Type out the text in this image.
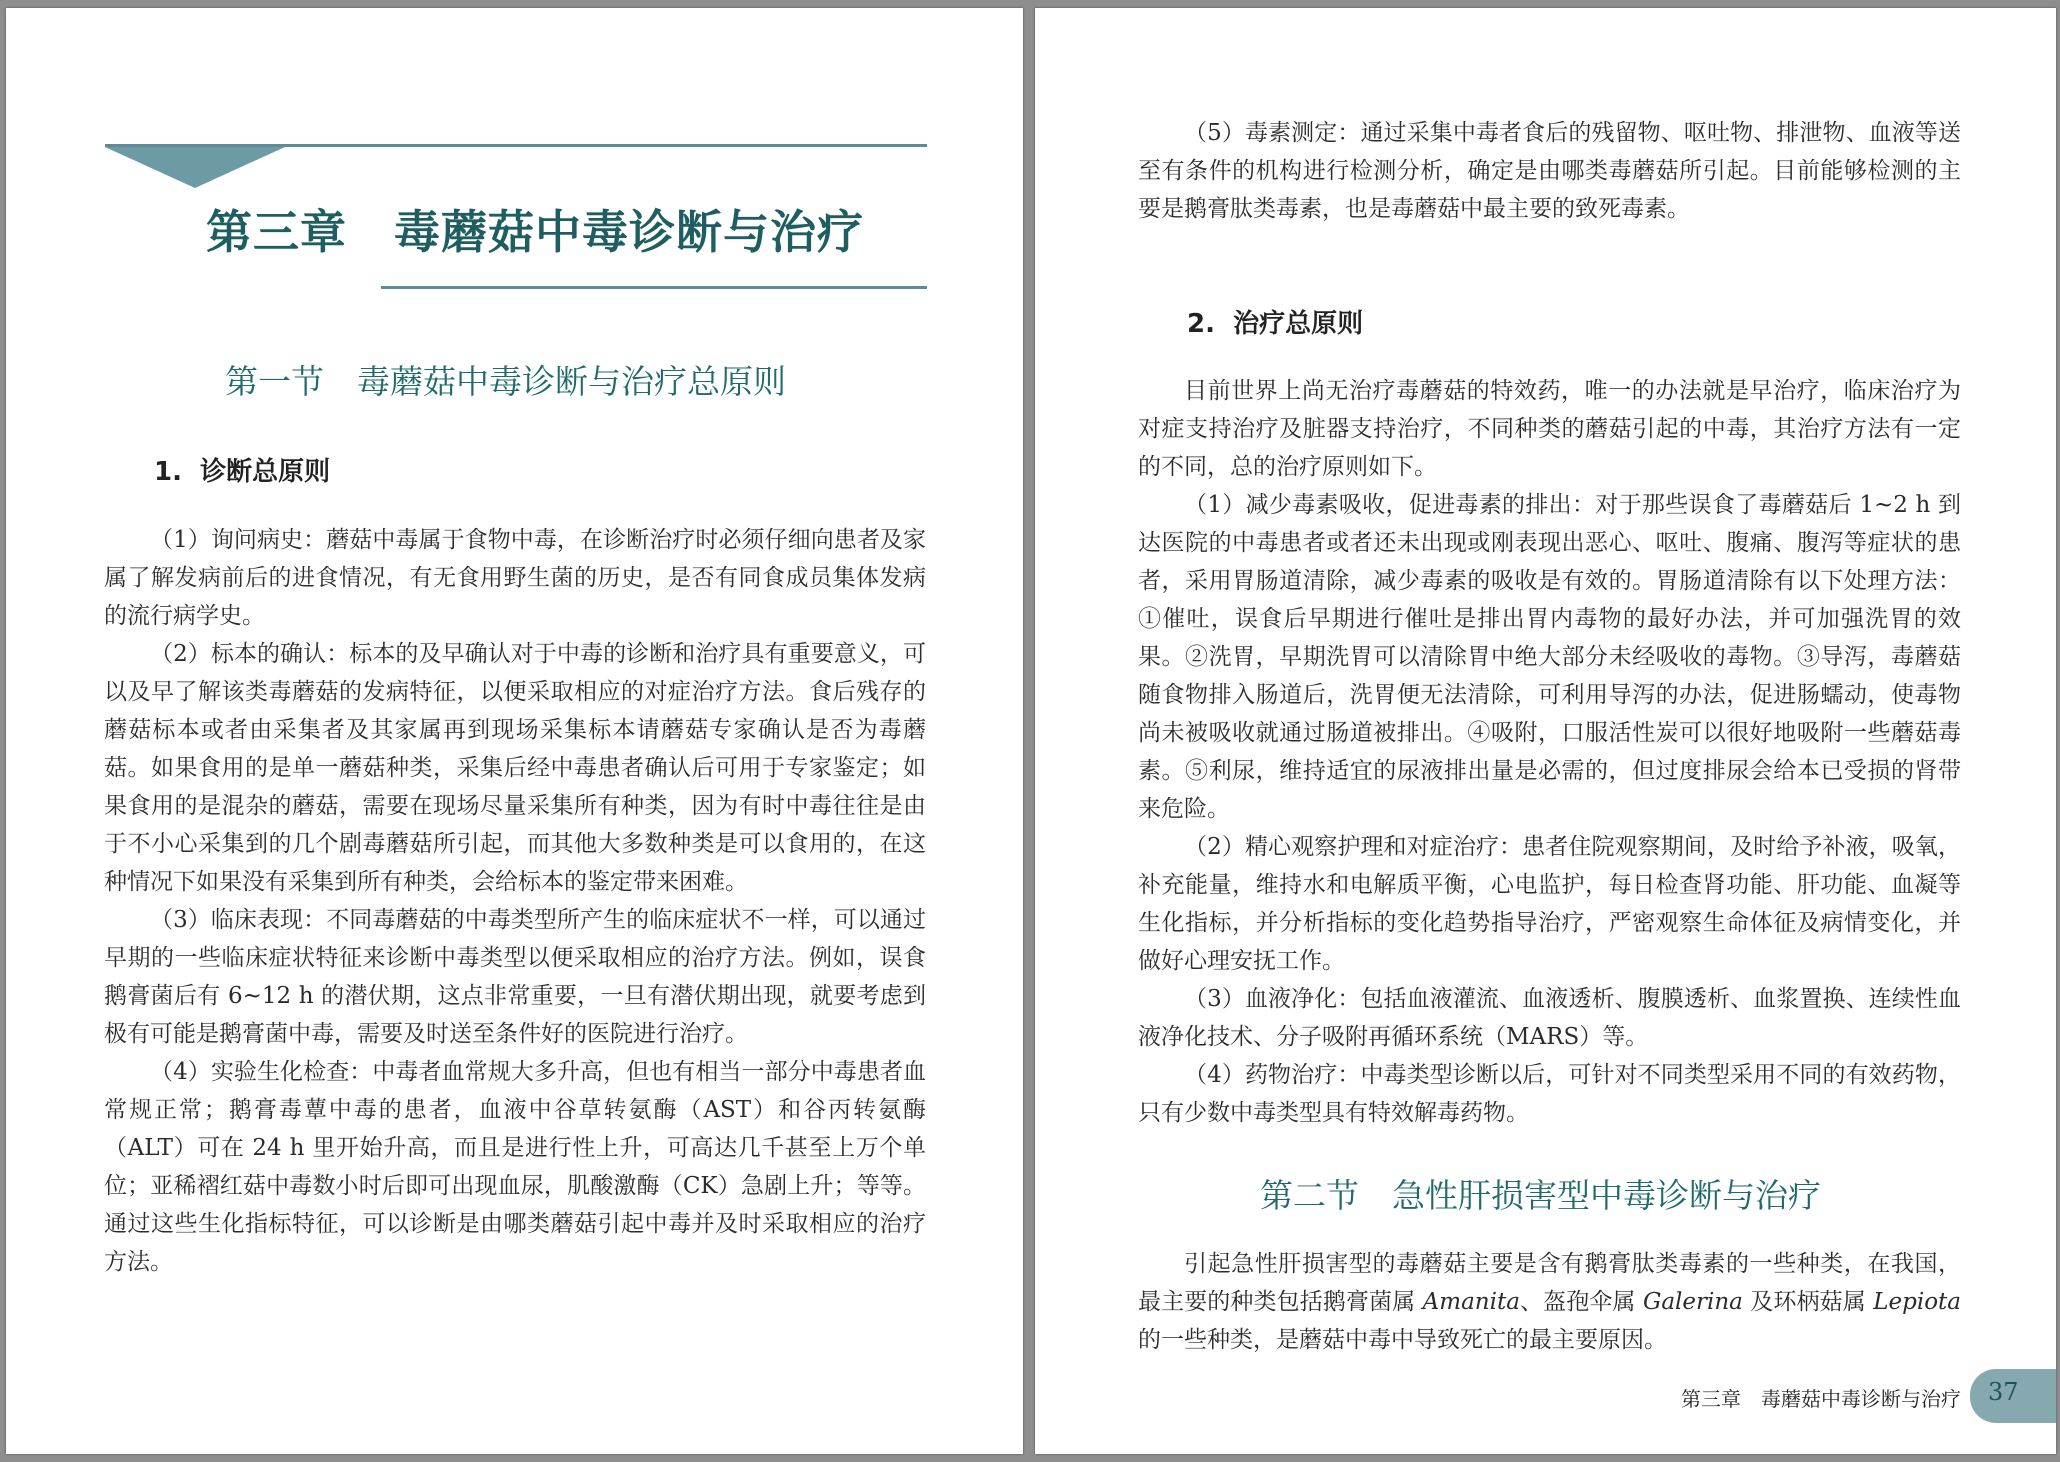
第三章　毒蘑菇中毒诊断与治疗
第一节　毒蘑菇中毒诊断与治疗总原则
1.  诊断总原则

（1）询问病史：蘑菇中毒属于食物中毒，在诊断治疗时必须仔细向患者及家属了解发病前后的进食情况，有无食用野生菌的历史，是否有同食成员集体发病的流行病学史。

（2）标本的确认：标本的及早确认对于中毒的诊断和治疗具有重要意义，可以及早了解该类毒蘑菇的发病特征，以便采取相应的对症治疗方法。食后残存的蘑菇标本或者由采集者及其家属再到现场采集标本请蘑菇专家确认是否为毒蘑菇。如果食用的是单一蘑菇种类，采集后经中毒患者确认后可用于专家鉴定；如果食用的是混杂的蘑菇，需要在现场尽量采集所有种类，因为有时中毒往往是由于不小心采集到的几个剧毒蘑菇所引起，而其他大多数种类是可以食用的，在这种情况下如果没有采集到所有种类，会给标本的鉴定带来困难。

（3）临床表现：不同毒蘑菇的中毒类型所产生的临床症状不一样，可以通过早期的一些临床症状特征来诊断中毒类型以便采取相应的治疗方法。例如，误食鹅膏菌后有 6~12 h 的潜伏期，这点非常重要，一旦有潜伏期出现，就要考虑到极有可能是鹅膏菌中毒，需要及时送至条件好的医院进行治疗。

（4）实验生化检查：中毒者血常规大多升高，但也有相当一部分中毒患者血常规正常；鹅膏毒蕈中毒的患者，血液中谷草转氨酶（AST）和谷丙转氨酶（ALT）可在 24 h 里开始升高，而且是进行性上升，可高达几千甚至上万个单位；亚稀褶红菇中毒数小时后即可出现血尿，肌酸激酶（CK）急剧上升；等等。通过这些生化指标特征，可以诊断是由哪类蘑菇引起中毒并及时采取相应的治疗方法。

（5）毒素测定：通过采集中毒者食后的残留物、呕吐物、排泄物、血液等送至有条件的机构进行检测分析，确定是由哪类毒蘑菇所引起。目前能够检测的主要是鹅膏肽类毒素，也是毒蘑菇中最主要的致死毒素。

2.  治疗总原则

目前世界上尚无治疗毒蘑菇的特效药，唯一的办法就是早治疗，临床治疗为对症支持治疗及脏器支持治疗，不同种类的蘑菇引起的中毒，其治疗方法有一定的不同，总的治疗原则如下。

（1）减少毒素吸收，促进毒素的排出：对于那些误食了毒蘑菇后 1~2 h 到达医院的中毒患者或者还未出现或刚表现出恶心、呕吐、腹痛、腹泻等症状的患者，采用胃肠道清除，减少毒素的吸收是有效的。胃肠道清除有以下处理方法：①催吐，误食后早期进行催吐是排出胃内毒物的最好办法，并可加强洗胃的效果。②洗胃，早期洗胃可以清除胃中绝大部分未经吸收的毒物。③导泻，毒蘑菇随食物排入肠道后，洗胃便无法清除，可利用导泻的办法，促进肠蠕动，使毒物尚未被吸收就通过肠道被排出。④吸附，口服活性炭可以很好地吸附一些蘑菇毒素。⑤利尿，维持适宜的尿液排出量是必需的，但过度排尿会给本已受损的肾带来危险。

（2）精心观察护理和对症治疗：患者住院观察期间，及时给予补液，吸氧，补充能量，维持水和电解质平衡，心电监护，每日检查肾功能、肝功能、血凝等生化指标，并分析指标的变化趋势指导治疗，严密观察生命体征及病情变化，并做好心理安抚工作。

（3）血液净化：包括血液灌流、血液透析、腹膜透析、血浆置换、连续性血液净化技术、分子吸附再循环系统（MARS）等。

（4）药物治疗：中毒类型诊断以后，可针对不同类型采用不同的有效药物，只有少数中毒类型具有特效解毒药物。

第二节　急性肝损害型中毒诊断与治疗

引起急性肝损害型的毒蘑菇主要是含有鹅膏肽类毒素的一些种类，在我国，最主要的种类包括鹅膏菌属 Amanita、盔孢伞属 Galerina 及环柄菇属 Lepiota 的一些种类，是蘑菇中毒中导致死亡的最主要原因。

第三章　毒蘑菇中毒诊断与治疗 37
